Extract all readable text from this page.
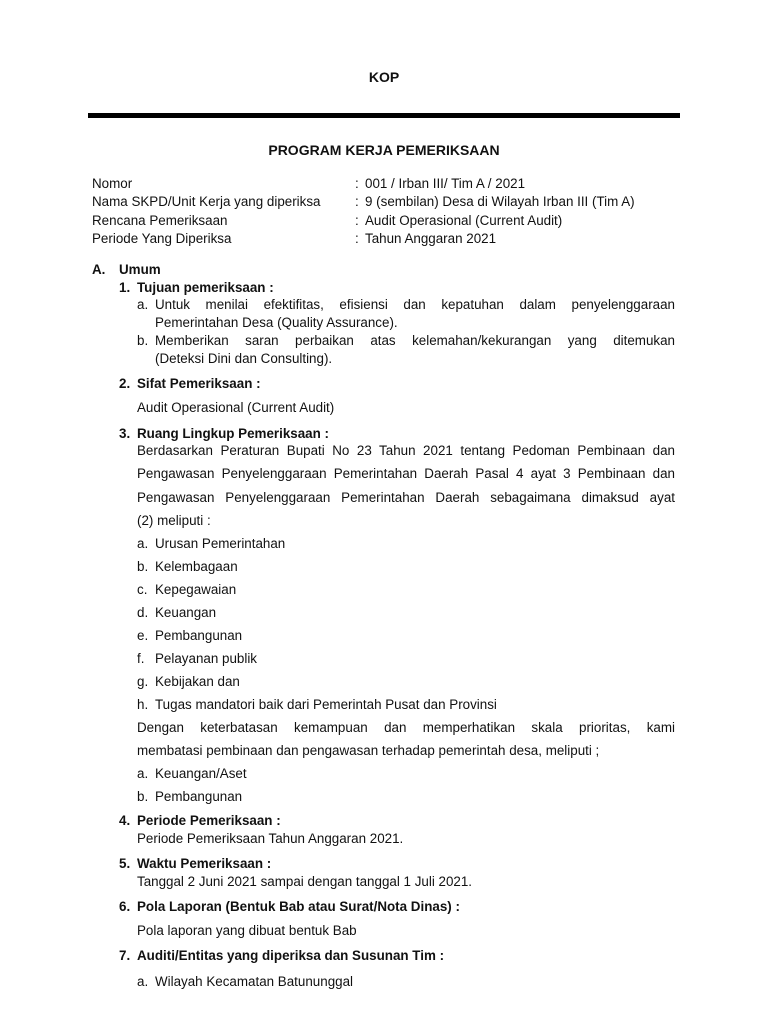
KOP
PROGRAM KERJA PEMERIKSAAN
Nomor	: 001 / Irban III/ Tim A / 2021
Nama SKPD/Unit Kerja yang diperiksa	: 9 (sembilan) Desa di Wilayah Irban III (Tim A)
Rencana Pemeriksaan	: Audit Operasional (Current Audit)
Periode Yang Diperiksa	: Tahun Anggaran 2021
A. Umum
1. Tujuan pemeriksaan :
a. Untuk menilai efektifitas, efisiensi dan kepatuhan dalam penyelenggaraan
Pemerintahan Desa (Quality Assurance).
b. Memberikan saran perbaikan atas kelemahan/kekurangan yang ditemukan
(Deteksi Dini dan Consulting).
2. Sifat Pemeriksaan :
Audit Operasional (Current Audit)
3. Ruang Lingkup Pemeriksaan :
Berdasarkan Peraturan Bupati No 23 Tahun 2021 tentang Pedoman Pembinaan dan
Pengawasan Penyelenggaraan Pemerintahan Daerah Pasal 4 ayat 3 Pembinaan dan
Pengawasan Penyelenggaraan Pemerintahan Daerah sebagaimana dimaksud ayat
(2) meliputi :
a. Urusan Pemerintahan
b. Kelembagaan
c. Kepegawaian
d. Keuangan
e. Pembangunan
f. Pelayanan publik
g. Kebijakan dan
h. Tugas mandatori baik dari Pemerintah Pusat dan Provinsi
Dengan keterbatasan kemampuan dan memperhatikan skala prioritas, kami
membatasi pembinaan dan pengawasan terhadap pemerintah desa, meliputi ;
a. Keuangan/Aset
b. Pembangunan
4. Periode Pemeriksaan :
Periode Pemeriksaan Tahun Anggaran 2021.
5. Waktu Pemeriksaan :
Tanggal 2 Juni 2021 sampai dengan tanggal 1 Juli 2021.
6. Pola Laporan (Bentuk Bab atau Surat/Nota Dinas) :
Pola laporan yang dibuat bentuk Bab
7. Auditi/Entitas yang diperiksa dan Susunan Tim :
a. Wilayah Kecamatan Batununggal
